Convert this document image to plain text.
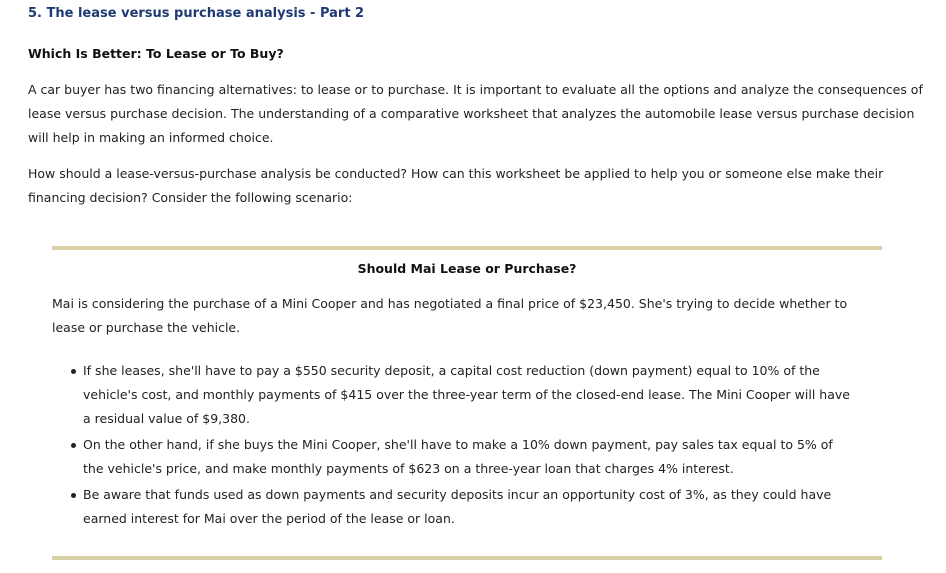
5. The lease versus purchase analysis - Part 2
Which Is Better: To Lease or To Buy?

A car buyer has two financing alternatives: to lease or to purchase. It is important to evaluate all the options and analyze the consequences of lease versus purchase decision. The understanding of a comparative worksheet that analyzes the automobile lease versus purchase decision will help in making an informed choice.

How should a lease-versus-purchase analysis be conducted? How can this worksheet be applied to help you or someone else make their financing decision? Consider the following scenario:

Should Mai Lease or Purchase?

Mai is considering the purchase of a Mini Cooper and has negotiated a final price of $23,450. She's trying to decide whether to lease or purchase the vehicle.

If she leases, she'll have to pay a $550 security deposit, a capital cost reduction (down payment) equal to 10% of the vehicle's cost, and monthly payments of $415 over the three-year term of the closed-end lease. The Mini Cooper will have a residual value of $9,380.
On the other hand, if she buys the Mini Cooper, she'll have to make a 10% down payment, pay sales tax equal to 5% of the vehicle's price, and make monthly payments of $623 on a three-year loan that charges 4% interest.
Be aware that funds used as down payments and security deposits incur an opportunity cost of 3%, as they could have earned interest for Mai over the period of the lease or loan.
